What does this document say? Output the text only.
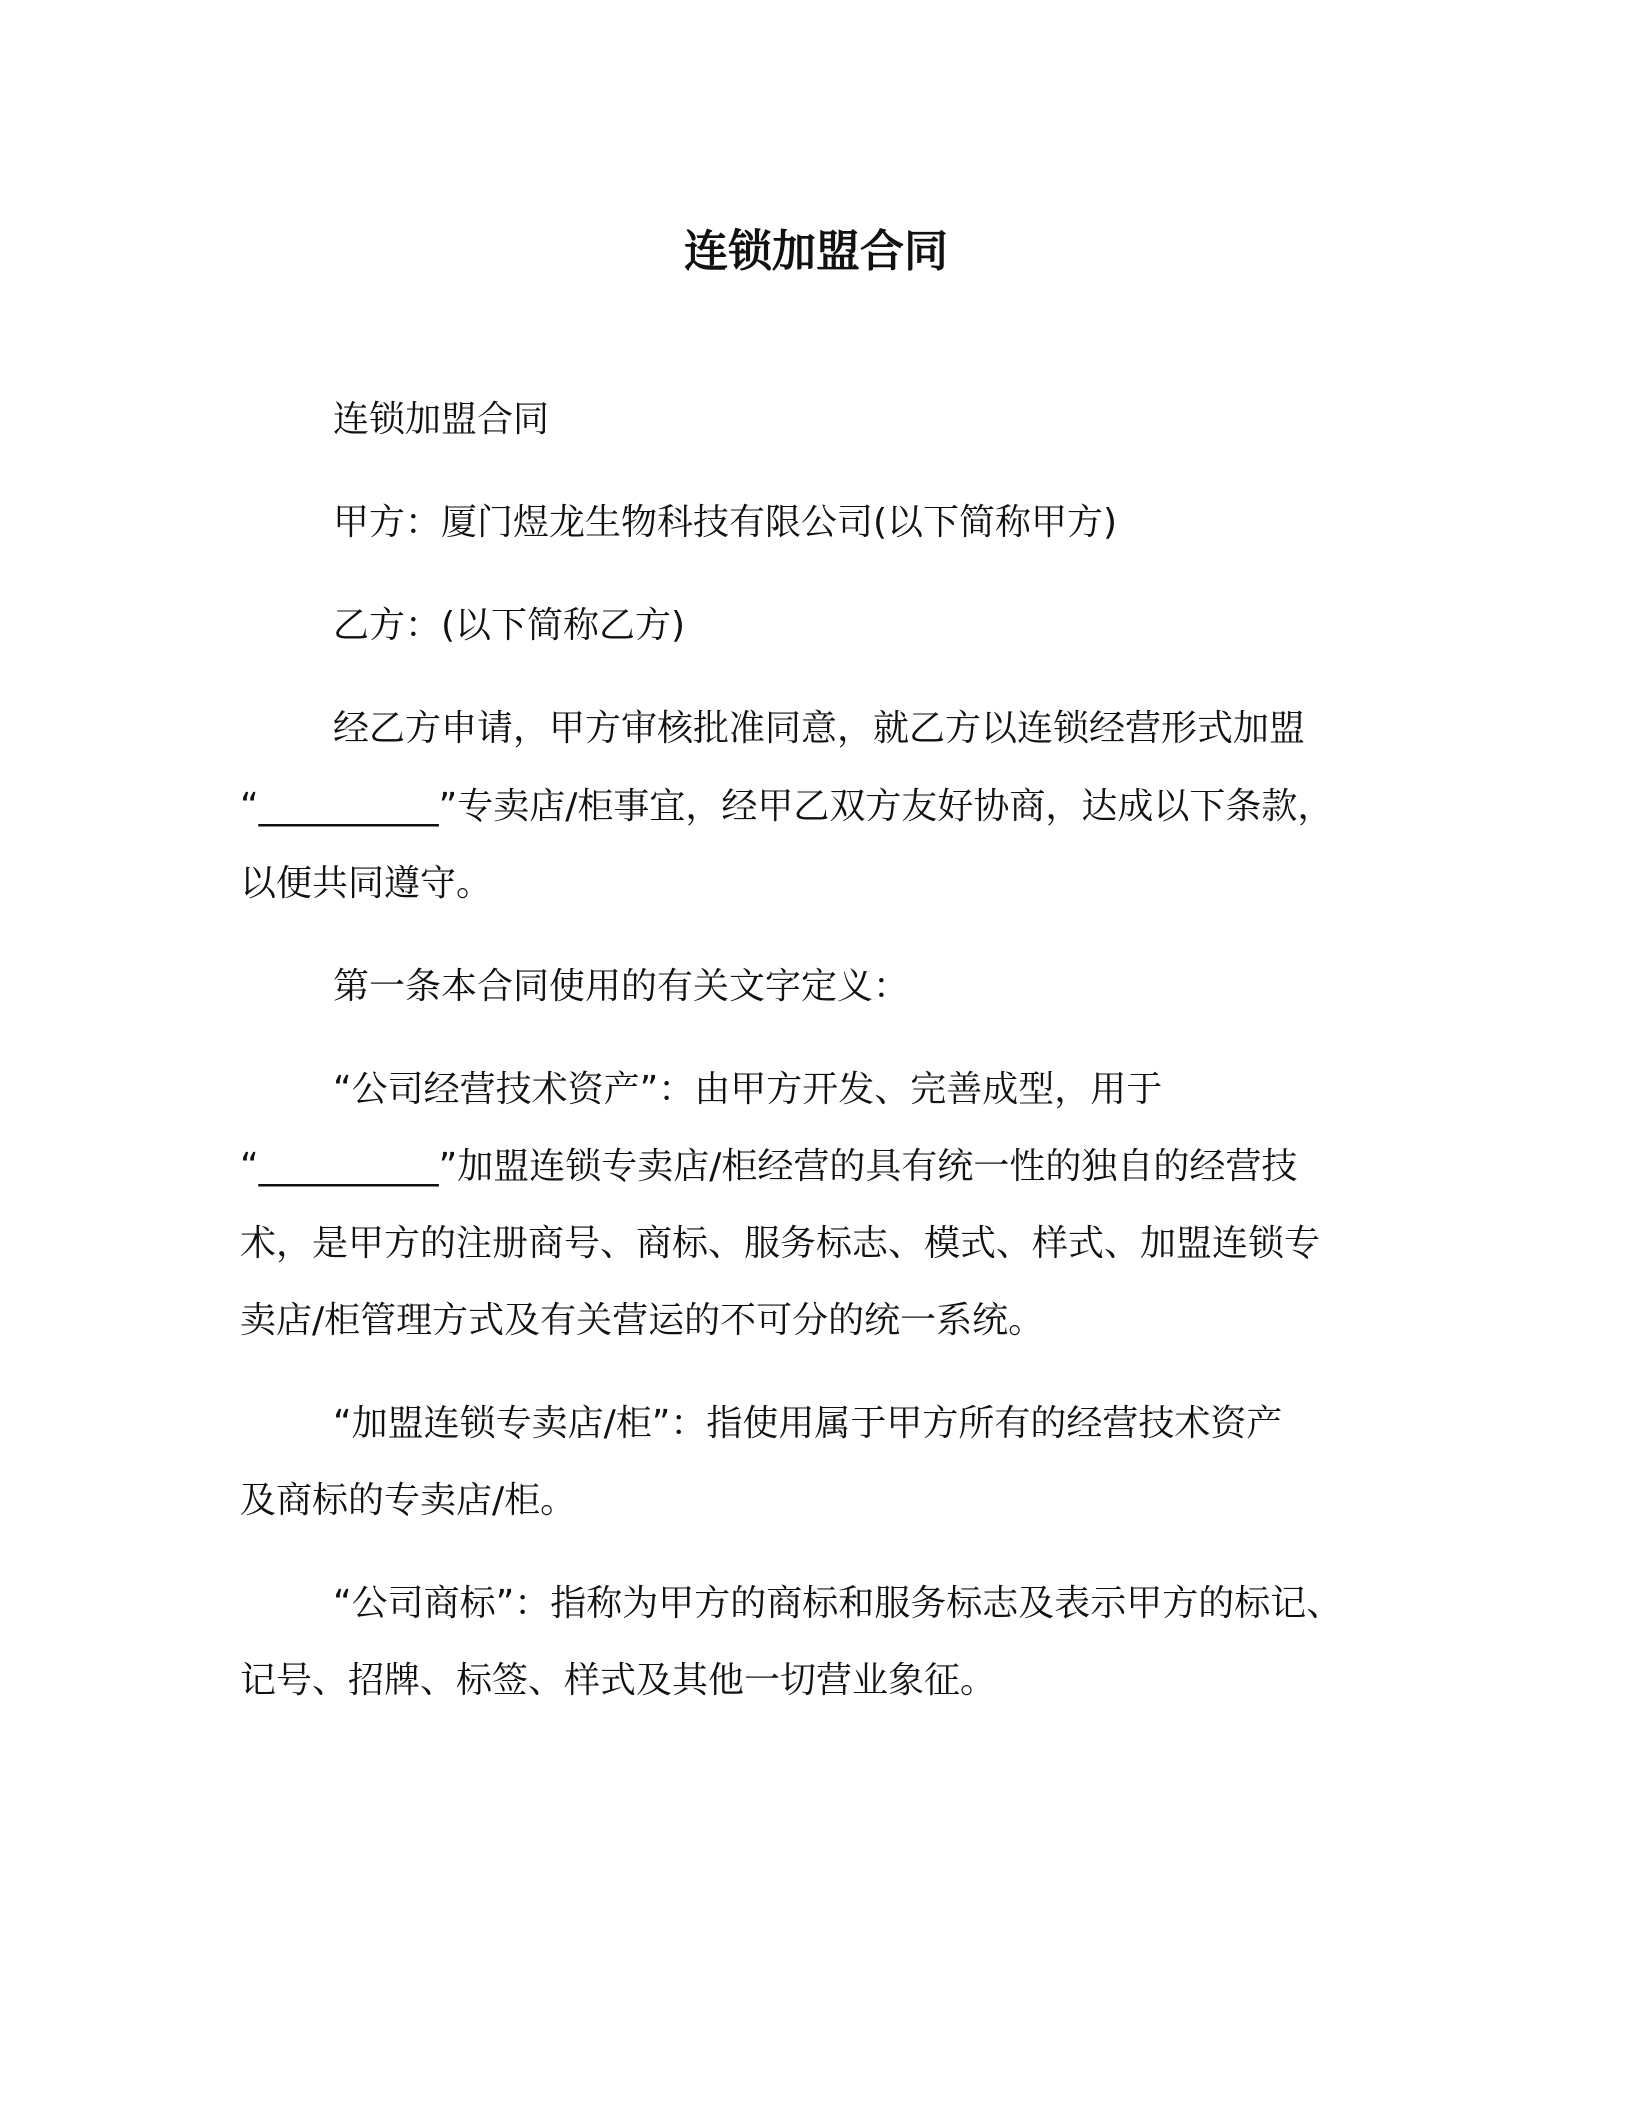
连锁加盟合同

连锁加盟合同

甲方：厦门煜龙生物科技有限公司(以下简称甲方)

乙方：(以下简称乙方)

经乙方申请，甲方审核批准同意，就乙方以连锁经营形式加盟

“__________”专卖店/柜事宜，经甲乙双方友好协商，达成以下条款，

以便共同遵守。

第一条本合同使用的有关文字定义：

“公司经营技术资产”：由甲方开发、完善成型，用于

“__________”加盟连锁专卖店/柜经营的具有统一性的独自的经营技

术，是甲方的注册商号、商标、服务标志、模式、样式、加盟连锁专

卖店/柜管理方式及有关营运的不可分的统一系统。

“加盟连锁专卖店/柜”：指使用属于甲方所有的经营技术资产

及商标的专卖店/柜。

“公司商标”：指称为甲方的商标和服务标志及表示甲方的标记、

记号、招牌、标签、样式及其他一切营业象征。
